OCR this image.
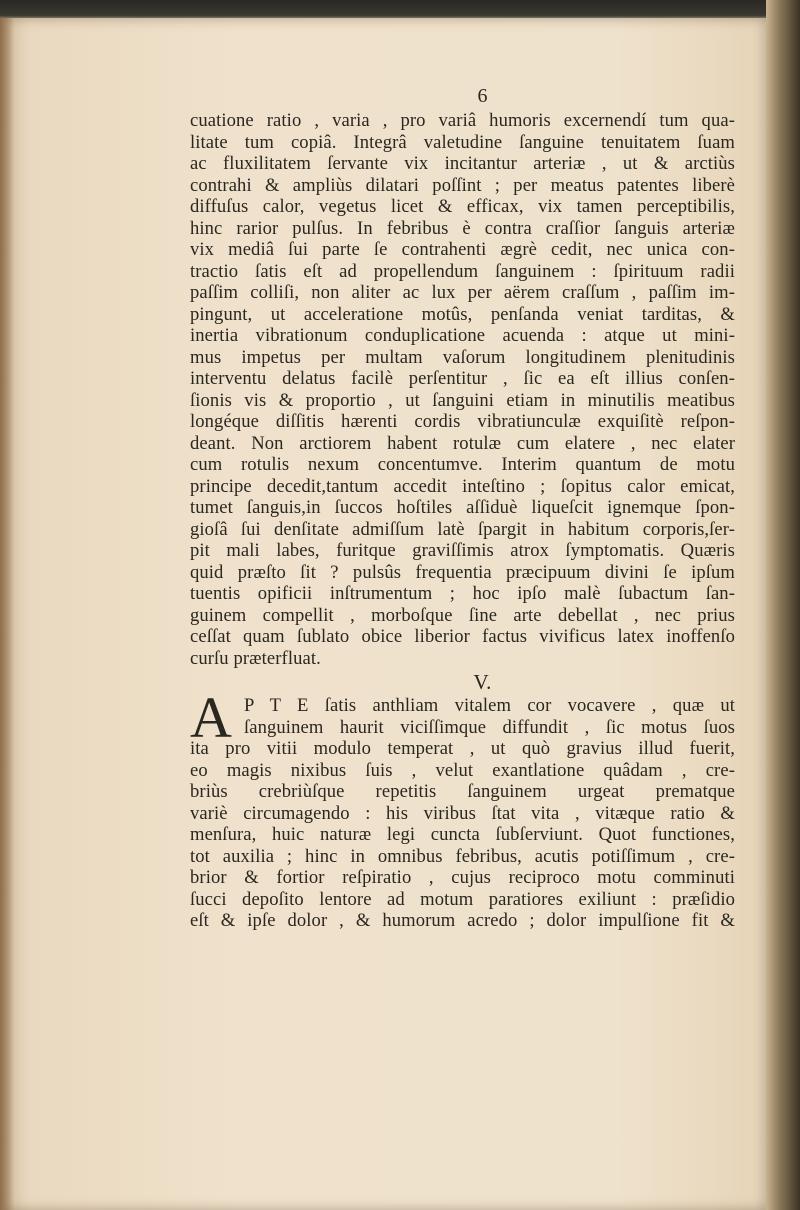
6
cuatione ratio , varia , pro variâ humoris excernendí tum qua-
litate tum copiâ. Integrâ valetudine ſanguine tenuitatem ſuam
ac fluxilitatem ſervante vix incitantur arteriæ , ut & arctiùs
contrahi & ampliùs dilatari poſſint ; per meatus patentes liberè
diffuſus calor, vegetus licet & efficax, vix tamen perceptibilis,
hinc rarior pulſus. In febribus è contra craſſior ſanguis arteriæ
vix mediâ ſui parte ſe contrahenti ægrè cedit, nec unica con-
tractio ſatis eſt ad propellendum ſanguinem : ſpirituum radii
paſſim colliſi, non aliter ac lux per aërem craſſum , paſſim im-
pingunt, ut acceleratione motûs, penſanda veniat tarditas, &
inertia vibrationum conduplicatione acuenda : atque ut mini-
mus impetus per multam vaſorum longitudinem plenitudinis
interventu delatus facilè perſentitur , ſic ea eſt illius conſen-
ſionis vis & proportio , ut ſanguini etiam in minutilis meatibus
longéque diſſitis hærenti cordis vibratiunculæ exquiſitè reſpon-
deant. Non arctiorem habent rotulæ cum elatere , nec elater
cum rotulis nexum concentumve. Interim quantum de motu
principe decedit,tantum accedit inteſtino ; ſopitus calor emicat,
tumet ſanguis,in ſuccos hoſtiles aſſiduè liqueſcit ignemque ſpon-
gioſâ ſui denſitate admiſſum latè ſpargit in habitum corporis,ſer-
pit mali labes, furitque graviſſimis atrox ſymptomatis. Quæris
quid præſto ſit ? pulsûs frequentia præcipuum divini ſe ipſum
tuentis opificii inſtrumentum ; hoc ipſo malè ſubactum ſan-
guinem compellit , morboſque ſine arte debellat , nec prius
ceſſat quam ſublato obice liberior factus vivificus latex inoffenſo
curſu præterfluat.
V.
A P T E ſatis anthliam vitalem cor vocavere , quæ ut
ſanguinem haurit viciſſimque diffundit , ſic motus ſuos
ita pro vitii modulo temperat , ut quò gravius illud fuerit,
eo magis nixibus ſuis , velut exantlatione quâdam , cre-
briùs crebriùſque repetitis ſanguinem urgeat prematque
variè circumagendo : his viribus ſtat vita , vitæque ratio &
menſura, huic naturæ legi cuncta ſubſerviunt. Quot functiones,
tot auxilia ; hinc in omnibus febribus, acutis potiſſimum , cre-
brior & fortior reſpiratio , cujus reciproco motu comminuti
ſucci depoſito lentore ad motum paratiores exiliunt : præſidio
eſt & ipſe dolor , & humorum acredo ; dolor impulſione fit &
